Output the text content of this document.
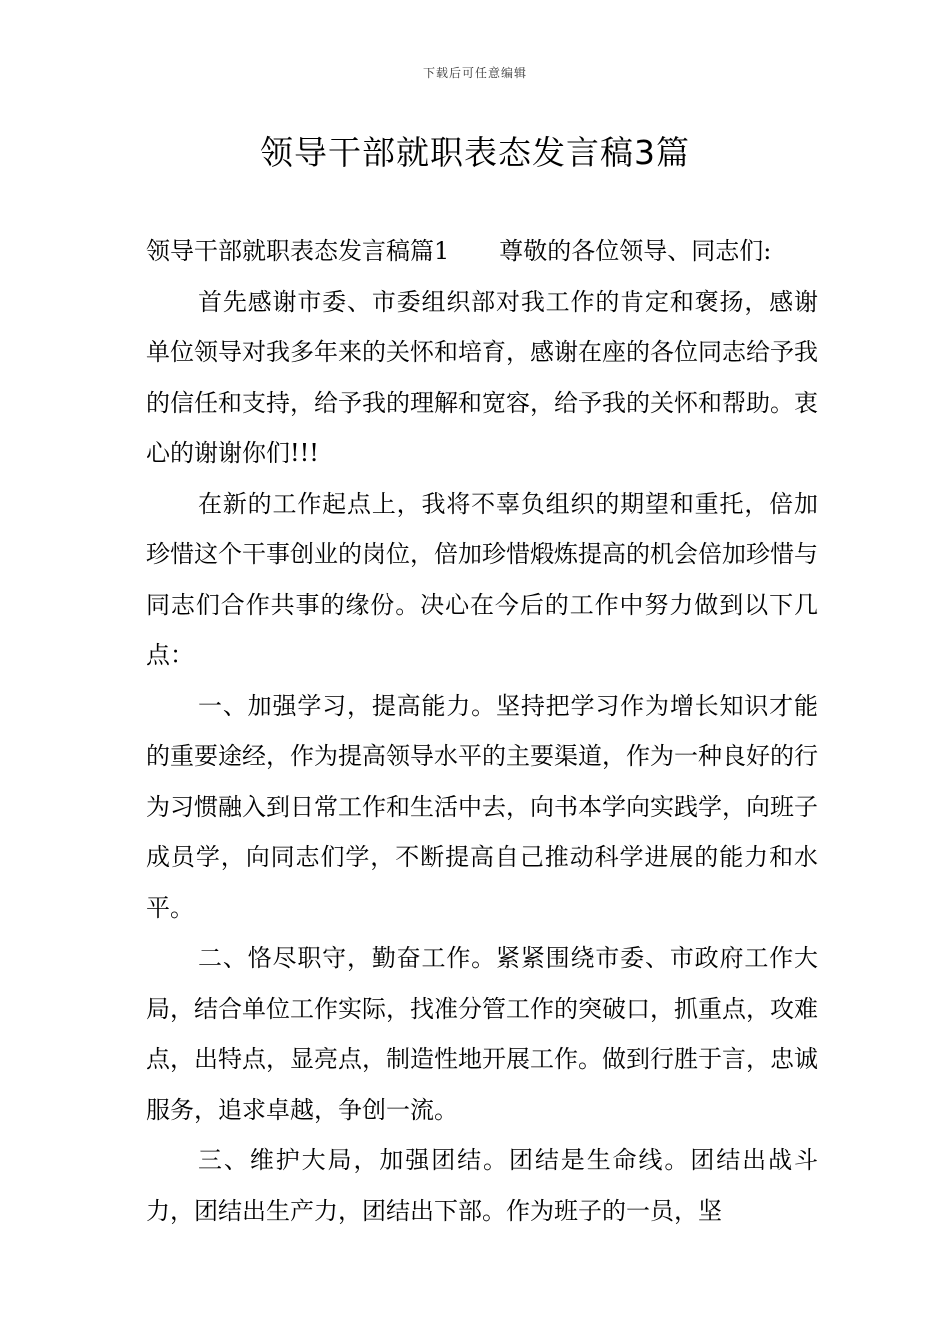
下载后可任意编辑
领导干部就职表态发言稿3篇
领导干部就职表态发言稿篇1 尊敬的各位领导、同志们:

首先感谢市委、市委组织部对我工作的肯定和褒扬，感谢单位领导对我多年来的关怀和培育，感谢在座的各位同志给予我的信任和支持，给予我的理解和宽容，给予我的关怀和帮助。衷心的谢谢你们!!!

在新的工作起点上，我将不辜负组织的期望和重托，倍加珍惜这个干事创业的岗位，倍加珍惜煅炼提高的机会倍加珍惜与同志们合作共事的缘份。决心在今后的工作中努力做到以下几点：

一、加强学习，提高能力。坚持把学习作为增长知识才能的重要途经，作为提高领导水平的主要渠道，作为一种良好的行为习惯融入到日常工作和生活中去，向书本学向实践学，向班子成员学，向同志们学，不断提高自己推动科学进展的能力和水平。

二、恪尽职守，勤奋工作。紧紧围绕市委、市政府工作大局，结合单位工作实际，找准分管工作的突破口，抓重点，攻难点，出特点，显亮点，制造性地开展工作。做到行胜于言，忠诚服务，追求卓越，争创一流。

三、维护大局，加强团结。团结是生命线。团结出战斗力，团结出生产力，团结出下部。作为班子的一员，坚
